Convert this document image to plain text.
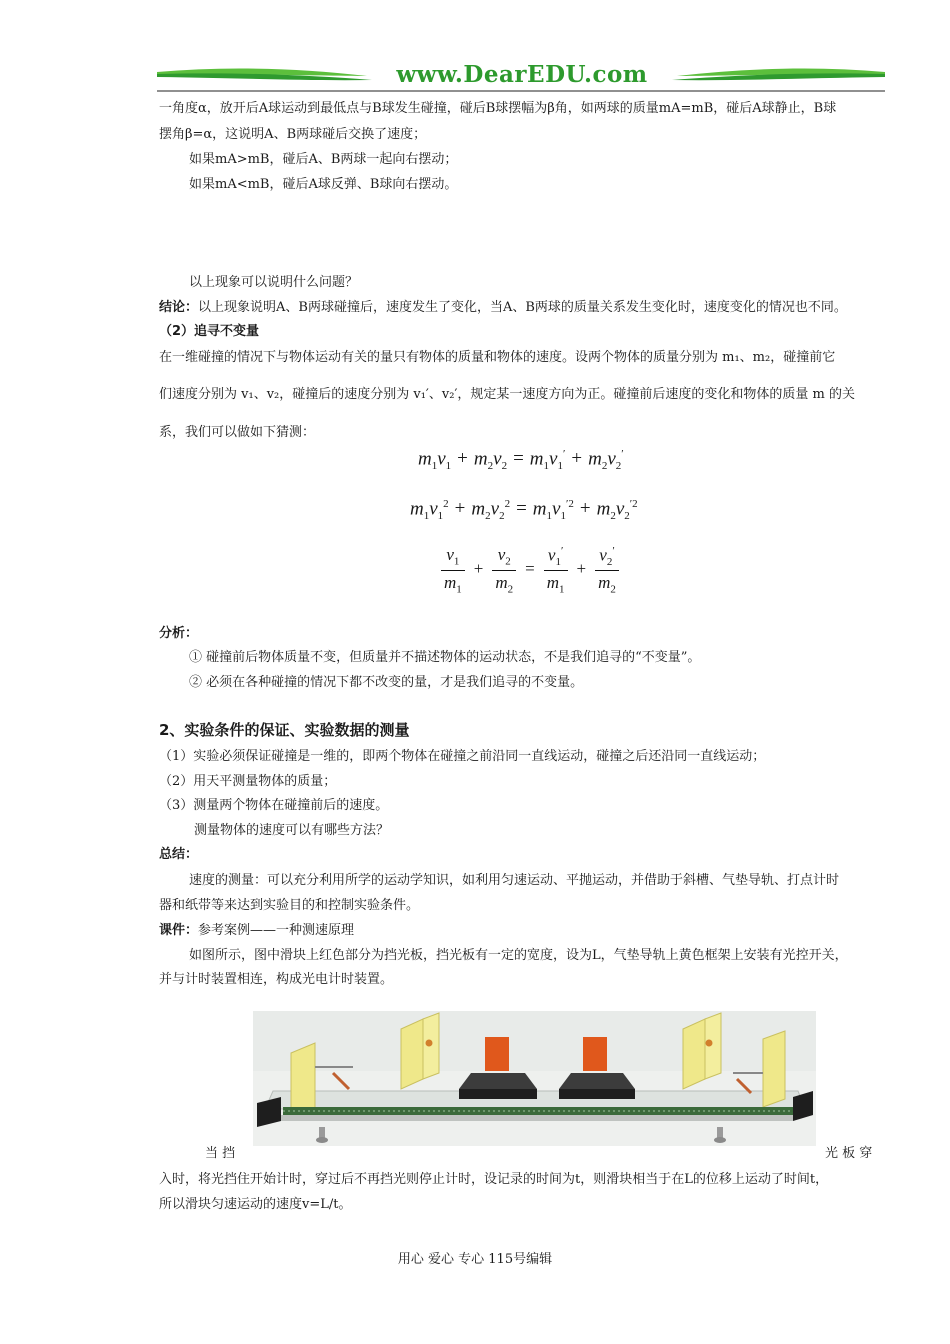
www.DearEDU.com
一角度α，放开后A球运动到最低点与B球发生碰撞，碰后B球摆幅为β角，如两球的质量mA=mB，碰后A球静止，B球
摆角β=α，这说明A、B两球碰后交换了速度；
如果mA>mB，碰后A、B两球一起向右摆动；
如果mA<mB，碰后A球反弹、B球向右摆动。
以上现象可以说明什么问题？
结论：以上现象说明A、B两球碰撞后，速度发生了变化，当A、B两球的质量关系发生变化时，速度变化的情况也不同。
（2）追寻不变量
在一维碰撞的情况下与物体运动有关的量只有物体的质量和物体的速度。设两个物体的质量分别为 m₁、m₂，碰撞前它
们速度分别为 v₁、v₂，碰撞后的速度分别为 v₁′、v₂′，规定某一速度方向为正。碰撞前后速度的变化和物体的质量 m 的关
系，我们可以做如下猜测：
$m_1v_1 + m_2v_2 = m_1v_1' + m_2v_2'$
$m_1v_1^2 + m_2v_2^2 = m_1v_1^{'2} + m_2v_2^{'2}$
$\frac{v_1}{m_1} + \frac{v_2}{m_2} = \frac{v_1'}{m_1} + \frac{v_2'}{m_2}$
分析：
① 碰撞前后物体质量不变，但质量并不描述物体的运动状态，不是我们追寻的“不变量”。
② 必须在各种碰撞的情况下都不改变的量，才是我们追寻的不变量。
2、实验条件的保证、实验数据的测量
（1）实验必须保证碰撞是一维的，即两个物体在碰撞之前沿同一直线运动，碰撞之后还沿同一直线运动；
（2）用天平测量物体的质量；
（3）测量两个物体在碰撞前后的速度。
测量物体的速度可以有哪些方法？
总结：
速度的测量：可以充分利用所学的运动学知识，如利用匀速运动、平抛运动，并借助于斜槽、气垫导轨、打点计时
器和纸带等来达到实验目的和控制实验条件。
课件：参考案例——一种测速原理
如图所示，图中滑块上红色部分为挡光板，挡光板有一定的宽度，设为L，气垫导轨上黄色框架上安装有光控开关，
并与计时装置相连，构成光电计时装置。
当 挡	光 板 穿
入时，将光挡住开始计时，穿过后不再挡光则停止计时，设记录的时间为t，则滑块相当于在L的位移上运动了时间t，
所以滑块匀速运动的速度v=L/t。
用心 爱心 专心 115号编辑
